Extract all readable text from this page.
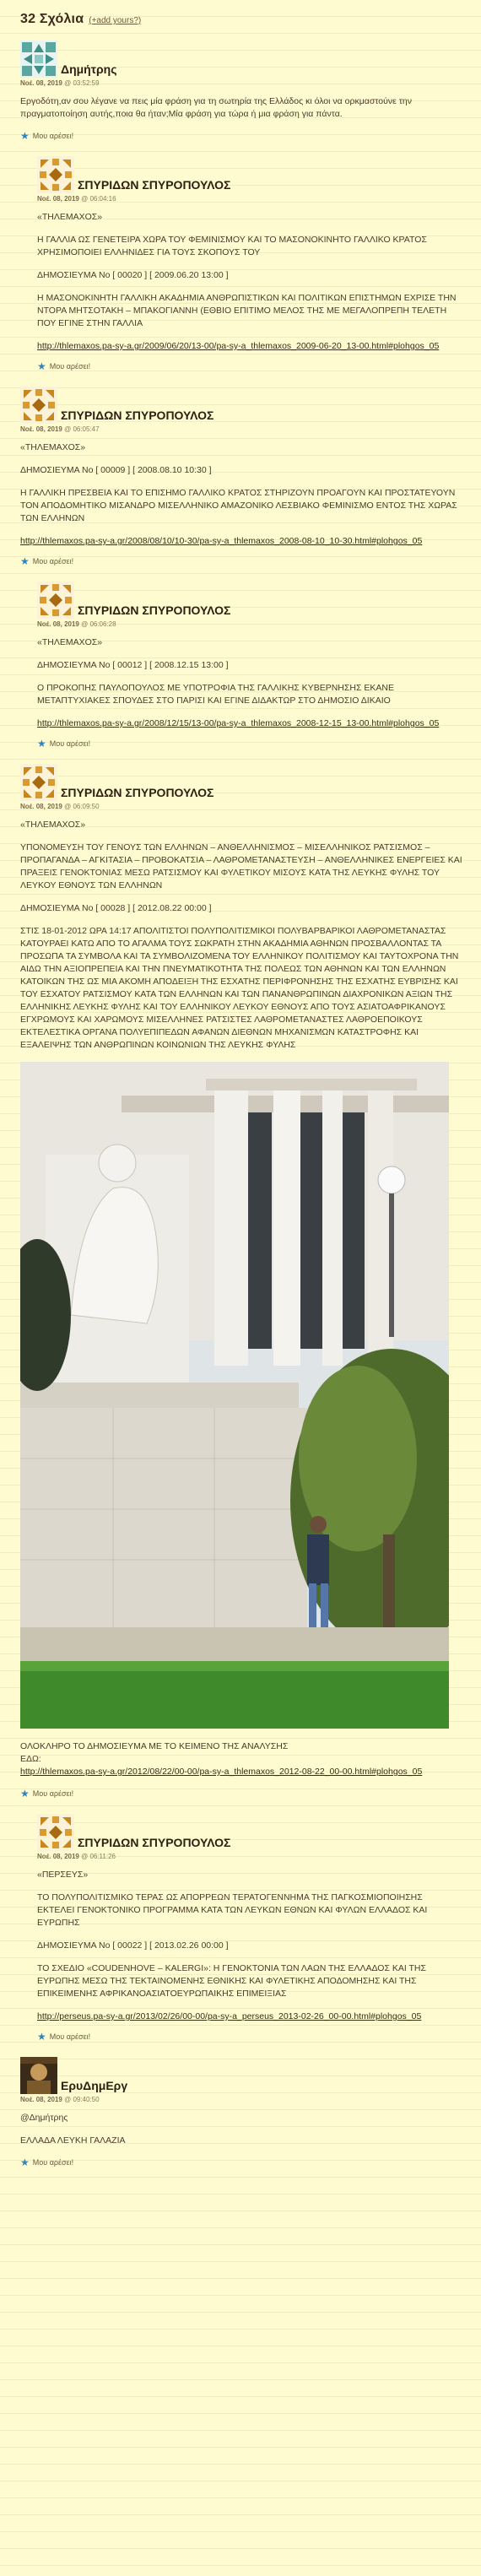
32 Σχόλια (+add yours?)
Δημήτρης
Νοέ. 08, 2019 @ 03:52:59

Εργοδότη,αν σου λέγανε να πεις μία φράση για τη σωτηρία της Ελλάδος κι όλοι να ορκμαστούνε την πραγματοποίηση αυτής,ποια θα ήταν;Μία φράση για τώρα ή μια φράση για πάντα.

★ Μου αρέσει!
ΣΠΥΡΙΔΩΝ ΣΠΥΡΟΠΟΥΛΟΣ
Νοέ. 08, 2019 @ 06:04:16

«ΤΗΛΕΜΑΧΟΣ»

Η ΓΑΛΛΙΑ ΩΣ ΓΕΝΕΤΕΙΡΑ ΧΩΡΑ ΤΟΥ ΦΕΜΙΝΙΣΜΟΥ ΚΑΙ ΤΟ ΜΑΣΟΝΟΚΙΝΗΤΟ ΓΑΛΛΙΚΟ ΚΡΑΤΟΣ ΧΡΗΣΙΜΟΠΟΙΕΙ ΕΛΛΗΝΙΔΕΣ ΓΙΑ ΤΟΥΣ ΣΚΟΠΟΥΣ ΤΟΥ

ΔΗΜΟΣΙΕΥΜΑ No [ 00020 ] [ 2009.06.20 13:00 ]

Η ΜΑΣΟΝΟΚΙΝΗΤΗ ΓΑΛΛΙΚΗ ΑΚΑΔΗΜΙΑ ΑΝΘΡΩΠΙΣΤΙΚΩΝ ΚΑΙ ΠΟΛΙΤΙΚΩΝ ΕΠΙΣΤΗΜΩΝ ΕΧΡΙΣΕ ΤΗΝ ΝΤΟΡΑ ΜΗΤΣΟΤΑΚΗ – ΜΠΑΚΟΓΙΑΝΝΗ (ΕΘΒΙΟ ΕΠΙΤΙΜΟ ΜΕΛΟΣ ΤΗΣ ΜΕ ΜΕΓΑΛΟΠΡΕΠΗ ΤΕΛΕΤΗ ΠΟΥ ΕΓΙΝΕ ΣΤΗΝ ΓΑΛΛΙΑ

http://thlemaxos.pa-sy-a.gr/2009/06/20/13-00/pa-sy-a_thlemaxos_2009-06-20_13-00.html#plohgos_05

★ Μου αρέσει!
ΣΠΥΡΙΔΩΝ ΣΠΥΡΟΠΟΥΛΟΣ
Νοέ. 08, 2019 @ 06:05:47

«ΤΗΛΕΜΑΧΟΣ»

ΔΗΜΟΣΙΕΥΜΑ No [ 00009 ] [ 2008.08.10 10:30 ]

Η ΓΑΛΛΙΚΗ ΠΡΕΣΒΕΙΑ ΚΑΙ ΤΟ ΕΠΙΣΗΜΟ ΓΑΛΛΙΚΟ ΚΡΑΤΟΣ ΣΤΗΡΙΖΟΥΝ ΠΡΟΑΓΟΥΝ ΚΑΙ ΠΡΟΣΤΑΤΕΥΟΥΝ ΤΟΝ ΑΠΟΔΟΜΗΤΙΚΟ ΜΙΣΑΝΔΡΟ ΜΙΣΕΛΛΗΝΙΚΟ ΑΜΑΖΟΝΙΚΟ ΛΕΣΒΙΑΚΟ ΦΕΜΙΝΙΣΜΟ ΕΝΤΟΣ ΤΗΣ ΧΩΡΑΣ ΤΩΝ ΕΛΛΗΝΩΝ

http://thlemaxos.pa-sy-a.gr/2008/08/10/10-30/pa-sy-a_thlemaxos_2008-08-10_10-30.html#plohgos_05

★ Μου αρέσει!
ΣΠΥΡΙΔΩΝ ΣΠΥΡΟΠΟΥΛΟΣ
Νοέ. 08, 2019 @ 06:06:28

«ΤΗΛΕΜΑΧΟΣ»

ΔΗΜΟΣΙΕΥΜΑ No [ 00012 ] [ 2008.12.15 13:00 ]

Ο ΠΡΟΚΟΠΗΣ ΠΑΥΛΟΠΟΥΛΟΣ ΜΕ ΥΠΟΤΡΟΦΙΑ ΤΗΣ ΓΑΛΛΙΚΗΣ ΚΥΒΕΡΝΗΣΗΣ ΕΚΑΝΕ ΜΕΤΑΠΤΥΧΙΑΚΕΣ ΣΠΟΥΔΕΣ ΣΤΟ ΠΑΡΙΣΙ ΚΑΙ ΕΓΙΝΕ ΔΙΔΑΚΤΩΡ ΣΤΟ ΔΗΜΟΣΙΟ ΔΙΚΑΙΟ

http://thlemaxos.pa-sy-a.gr/2008/12/15/13-00/pa-sy-a_thlemaxos_2008-12-15_13-00.html#plohgos_05

★ Μου αρέσει!
ΣΠΥΡΙΔΩΝ ΣΠΥΡΟΠΟΥΛΟΣ
Νοέ. 08, 2019 @ 06:09:50

«ΤΗΛΕΜΑΧΟΣ»

ΥΠΟΝΟΜΕΥΣΗ ΤΟΥ ΓΕΝΟΥΣ ΤΩΝ ΕΛΛΗΝΩΝ – ΑΝΘΕΛΛΗΝΙΣΜΟΣ – ΜΙΣΕΛΛΗΝΙΚΟΣ ΡΑΤΣΙΣΜΟΣ – ΠΡΟΠΑΓΑΝΔΑ – ΑΓΚΙΤΑΣΙΑ – ΠΡΟΒΟΚΑΤΣΙΑ – ΛΑΘΡΟΜΕΤΑΝΑΣΤΕΥΣΗ – ΑΝΘΕΛΛΗΝΙΚΕΣ ΕΝΕΡΓΕΙΕΣ ΚΑΙ ΠΡΑΞΕΙΣ ΓΕΝΟΚΤΟΝΙΑΣ ΜΕΣΩ ΡΑΤΣΙΣΜΟΥ ΚΑΙ ΦΥΛΕΤΙΚΟΥ ΜΙΣΟΥΣ ΚΑΤΑ ΤΗΣ ΛΕΥΚΗΣ ΦΥΛΗΣ ΤΟΥ ΛΕΥΚΟΥ ΕΘΝΟΥΣ ΤΩΝ ΕΛΛΗΝΩΝ

ΔΗΜΟΣΙΕΥΜΑ No [ 00028 ] [ 2012.08.22 00:00 ]

ΣΤΙΣ 18-01-2012 ΩΡΑ 14:17 ΑΠΟΛΙΤΙΣΤΟΙ ΠΟΛΥΠΟΛΙΤΙΣΜΙΚΟΙ ΠΟΛΥΒΑΡΒΑΡΙΚΟΙ ΛΑΘΡΟΜΕΤΑΝΑΣΤΑΣ ΚΑΤΟΥΡΑΕΙ ΚΑΤΩ ΑΠΟ ΤΟ ΑΓΑΛΜΑ ΤΟΥΣ ΣΩΚΡΑΤΗ ΣΤΗΝ ΑΚΑΔΗΜΙΑ ΑΘΗΝΩΝ ΠΡΟΣΒΑΛΛΟΝΤΑΣ ΤΑ ΠΡΟΣΩΠΑ ΤΑ ΣΥΜΒΟΛΑ ΚΑΙ ΤΑ ΣΥΜΒΟΛΙΖΟΜΕΝΑ ΤΟΥ ΕΛΛΗΝΙΚΟΥ ΠΟΛΙΤΙΣΜΟΥ ΚΑΙ ΤΑΥΤΟΧΡΟΝΑ ΤΗΝ ΑΙΔΩ ΤΗΝ ΑΞΙΟΠΡΕΠΕΙΑ ΚΑΙ ΤΗΝ ΠΝΕΥΜΑΤΙΚΟΤΗΤΑ ΤΗΣ ΠΟΛΕΩΣ ΤΩΝ ΑΘΗΝΩΝ ΚΑΙ ΤΩΝ ΕΛΛΗΝΩΝ ΚΑΤΟΙΚΩΝ ΤΗΣ ΩΣ ΜΙΑ ΑΚΟΜΗ ΑΠΟΔΕΙΞΗ ΤΗΣ ΕΣΧΑΤΗΣ ΠΕΡΙΦΡΟΝΗΣΗΣ ΤΗΣ ΕΣΧΑΤΗΣ ΕΥΒΡΙΣΗΣ ΚΑΙ ΤΟΥ ΕΣΧΑΤΟΥ ΡΑΤΣΙΣΜΟΥ ΚΑΤΑ ΤΩΝ ΕΛΛΗΝΩΝ ΚΑΙ ΤΩΝ ΠΑΝΑΝΘΡΩΠΙΝΩΝ ΔΙΑΧΡΟΝΙΚΩΝ ΑΞΙΩΝ ΤΗΣ ΕΛΛΗΝΙΚΗΣ ΛΕΥΚΗΣ ΦΥΛΗΣ ΚΑΙ ΤΟΥ ΕΛΛΗΝΙΚΟΥ ΛΕΥΚΟΥ ΕΘΝΟΥΣ ΑΠΟ ΤΟΥΣ ΑΣΙΑΤΟΑΦΡΙΚΑΝΟΥΣ ΕΓΧΡΩΜΟΥΣ ΚΑΙ ΧΑΡΩΜΟΥΣ ΜΙΣΕΛΛΗΝΕΣ ΡΑΤΣΙΣΤΕΣ ΛΑΘΡΟΜΕΤΑΝΑΣΤΕΣ ΛΑΘΡΟΕΠΟΙΚΟΥΣ ΕΚΤΕΛΕΣΤΙΚΑ ΟΡΓΑΝΑ ΠΟΛΥΕΠΙΠΕΔΩΝ ΑΦΑΝΩΝ ΔΙΕΘΝΩΝ ΜΗΧΑΝΙΣΜΩΝ ΚΑΤΑΣΤΡΟΦΗΣ ΚΑΙ ΕΞΑΛΕΙΨΗΣ ΤΩΝ ΑΝΘΡΩΠΙΝΩΝ ΚΟΙΝΩΝΙΩΝ ΤΗΣ ΛΕΥΚΗΣ ΦΥΛΗΣ

ΟΛΟΚΛΗΡΟ ΤΟ ΔΗΜΟΣΙΕΥΜΑ ΜΕ ΤΟ ΚΕΙΜΕΝΟ ΤΗΣ ΑΝΑΛΥΣΗΣ
ΕΔΩ:
http://thlemaxos.pa-sy-a.gr/2012/08/22/00-00/pa-sy-a_thlemaxos_2012-08-22_00-00.html#plohgos_05

★ Μου αρέσει!
ΣΠΥΡΙΔΩΝ ΣΠΥΡΟΠΟΥΛΟΣ
Νοέ. 08, 2019 @ 06:11:26

«ΠΕΡΣΕΥΣ»

ΤΟ ΠΟΛΥΠΟΛΙΤΙΣΜΙΚΟ ΤΕΡΑΣ ΩΣ ΑΠΟΡΡΕΩΝ ΤΕΡΑΤΟΓΕΝΝΗΜΑ ΤΗΣ ΠΑΓΚΟΣΜΙΟΠΟΙΗΣΗΣ ΕΚΤΕΛΕΙ ΓΕΝΟΚΤΟΝΙΚΟ ΠΡΟΓΡΑΜΜΑ ΚΑΤΑ ΤΩΝ ΛΕΥΚΩΝ ΕΘΝΩΝ ΚΑΙ ΦΥΛΩΝ ΕΛΛΑΔΟΣ ΚΑΙ ΕΥΡΩΠΗΣ

ΔΗΜΟΣΙΕΥΜΑ No [ 00022 ] [ 2013.02.26 00:00 ]

ΤΟ ΣΧΕΔΙΟ «COUDENHOVE – KALERGI»: Η ΓΕΝΟΚΤΟΝΙΑ ΤΩΝ ΛΑΩΝ ΤΗΣ ΕΛΛΑΔΟΣ ΚΑΙ ΤΗΣ ΕΥΡΩΠΗΣ ΜΕΣΩ ΤΗΣ ΤΕΚΤΑΙΝΟΜΕΝΗΣ ΕΘΝΙΚΗΣ ΚΑΙ ΦΥΛΕΤΙΚΗΣ ΑΠΟΔΟΜΗΣΗΣ ΚΑΙ ΤΗΣ ΕΠΙΚΕΙΜΕΝΗΣ ΑΦΡΙΚΑΝΟΑΣΙΑΤΟΕΥΡΩΠΑΙΚΗΣ ΕΠΙΜΕΙΞΙΑΣ

http://perseus.pa-sy-a.gr/2013/02/26/00-00/pa-sy-a_perseus_2013-02-26_00-00.html#plohgos_05

★ Μου αρέσει!
ΕρυΔημΕργ
Νοέ. 08, 2019 @ 09:40:50

@Δημήτρης

ΕΛΛΑΔΑ ΛΕΥΚΗ ΓΑΛΑΖΙΑ

★ Μου αρέσει!
